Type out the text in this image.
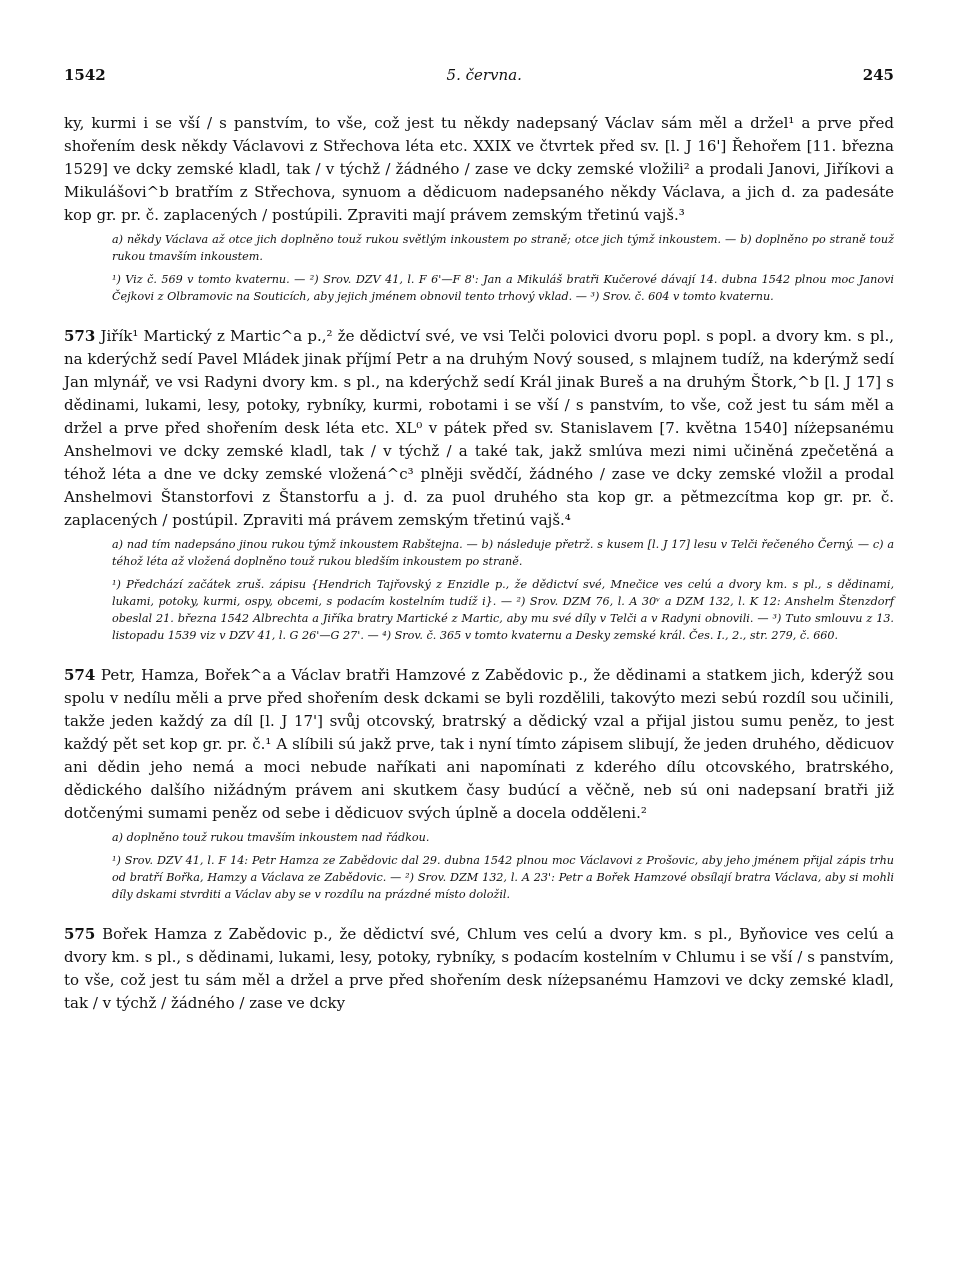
1542	5. června.	245

ky, kurmi i se vší / s panstvím, to vše, což jest tu někdy nadepsaný Václav sám měl a držel¹ a prve před shořením desk někdy Václavovi z Střechova léta etc. XXIX ve čtvrtek před sv. [l. J 16'] Řehořem [11. března 1529] ve dcky zemské kladl, tak / v týchž / žádného / zase ve dcky zemské vložili² a prodali Janovi, Jiříkovi a Mikulášovi^b bratřím z Střechova, synuom a dědicuom nadepsaného někdy Václava, a jich d. za padesáte kop gr. pr. č. zaplacených / postúpili. Zpraviti mají právem zemským třetinú vajš.³

a) někdy Václava až otce jich doplněno touž rukou světlým inkoustem po straně; otce jich týmž inkoustem. — b) doplněno po straně touž rukou tmavším inkoustem.

¹) Viz č. 569 v tomto kvaternu. — ²) Srov. DZV 41, l. F 6'—F 8': Jan a Mikuláš bratři Kučerové dávají 14. dubna 1542 plnou moc Janovi Čejkovi z Olbramovic na Souticích, aby jejich jménem obnovil tento trhový vklad. — ³) Srov. č. 604 v tomto kvaternu.

573 Jiřík¹ Martický z Martic^a p.,² že dědictví své, ve vsi Telči polovici dvoru popl. s popl. a dvory km. s pl., na kderýchž sedí Pavel Mládek jinak příjmí Petr a na druhým Nový soused, s mlajnem tudíž, na kderýmž sedí Jan mlynář, ve vsi Radyni dvory km. s pl., na kderýchž sedí Král jinak Bureš a na druhým Štork,^b [l. J 17] s dědinami, lukami, lesy, potoky, rybníky, kurmi, robotami i se vší / s panstvím, to vše, což jest tu sám měl a držel a prve před shořením desk léta etc. XL⁰ v pátek před sv. Stanislavem [7. května 1540] níżepsanému Anshelmovi ve dcky zemské kladl, tak / v týchž / a také tak, jakž smlúva mezi nimi učiněná zpečetěná a téhož léta a dne ve dcky zemské vložená^c³ plněji svědčí, žádného / zase ve dcky zemské vložil a prodal Anshelmovi Štanstorfovi z Štanstorfu a j. d. za puol druhého sta kop gr. a pětmezcítma kop gr. pr. č. zaplacených / postúpil. Zpraviti má právem zemským třetinú vajš.⁴

a) nad tím nadepsáno jinou rukou týmž inkoustem Rabštejna. — b) následuje přetrž. s kusem [l. J 17] lesu v Telči řečeného Černý. — c) a téhož léta až vložená doplněno touž rukou bledším inkoustem po straně.

¹) Předchází začátek zruš. zápisu {Hendrich Tajřovský z Enzidle p., že dědictví své, Mnečice ves celú a dvory km. s pl., s dědinami, lukami, potoky, kurmi, ospy, obcemi, s podacím kostelním tudíž i}. — ²) Srov. DZM 76, l. A 30ᵛ a DZM 132, l. K 12: Anshelm Štenzdorf obeslal 21. března 1542 Albrechta a Jiříka bratry Martické z Martic, aby mu své díly v Telči a v Radyni obnovili. — ³) Tuto smlouvu z 13. listopadu 1539 viz v DZV 41, l. G 26'—G 27'. — ⁴) Srov. č. 365 v tomto kvaternu a Desky zemské král. Čes. I., 2., str. 279, č. 660.

574 Petr, Hamza, Bořek^a a Václav bratři Hamzové z Zabědovic p., že dědinami a statkem jich, kderýž sou spolu v nedílu měli a prve před shořením desk dckami se byli rozdělili, takovýto mezi sebú rozdíl sou učinili, takže jeden každý za díl [l. J 17'] svůj otcovský, bratrský a dědický vzal a přijal jistou sumu peněz, to jest každý pět set kop gr. pr. č.¹ A slíbili sú jakž prve, tak i nyní tímto zápisem slibují, že jeden druhého, dědicuov ani dědin jeho nemá a moci nebude naříkati ani napomínati z kderého dílu otcovského, bratrského, dědického dalšího nižádným právem ani skutkem časy budúcí a věčně, neb sú oni nadepsaní bratři již dotčenými sumami peněz od sebe i dědicuov svých úplně a docela odděleni.²

a) doplněno touž rukou tmavším inkoustem nad řádkou.

¹) Srov. DZV 41, l. F 14: Petr Hamza ze Zabědovic dal 29. dubna 1542 plnou moc Václavovi z Prošovic, aby jeho jménem přijal zápis trhu od bratří Bořka, Hamzy a Václava ze Zabědovic. — ²) Srov. DZM 132, l. A 23': Petr a Bořek Hamzové obsílají bratra Václava, aby si mohli díly dskami stvrditi a Václav aby se v rozdílu na prázdné místo doložil.

575 Bořek Hamza z Zabědovic p., že dědictví své, Chlum ves celú a dvory km. s pl., Byňovice ves celú a dvory km. s pl., s dědinami, lukami, lesy, potoky, rybníky, s podacím kostelním v Chlumu i se vší / s panstvím, to vše, což jest tu sám měl a držel a prve před shořením desk níżepsanému Hamzovi ve dcky zemské kladl, tak / v týchž / žádného / zase ve dcky
